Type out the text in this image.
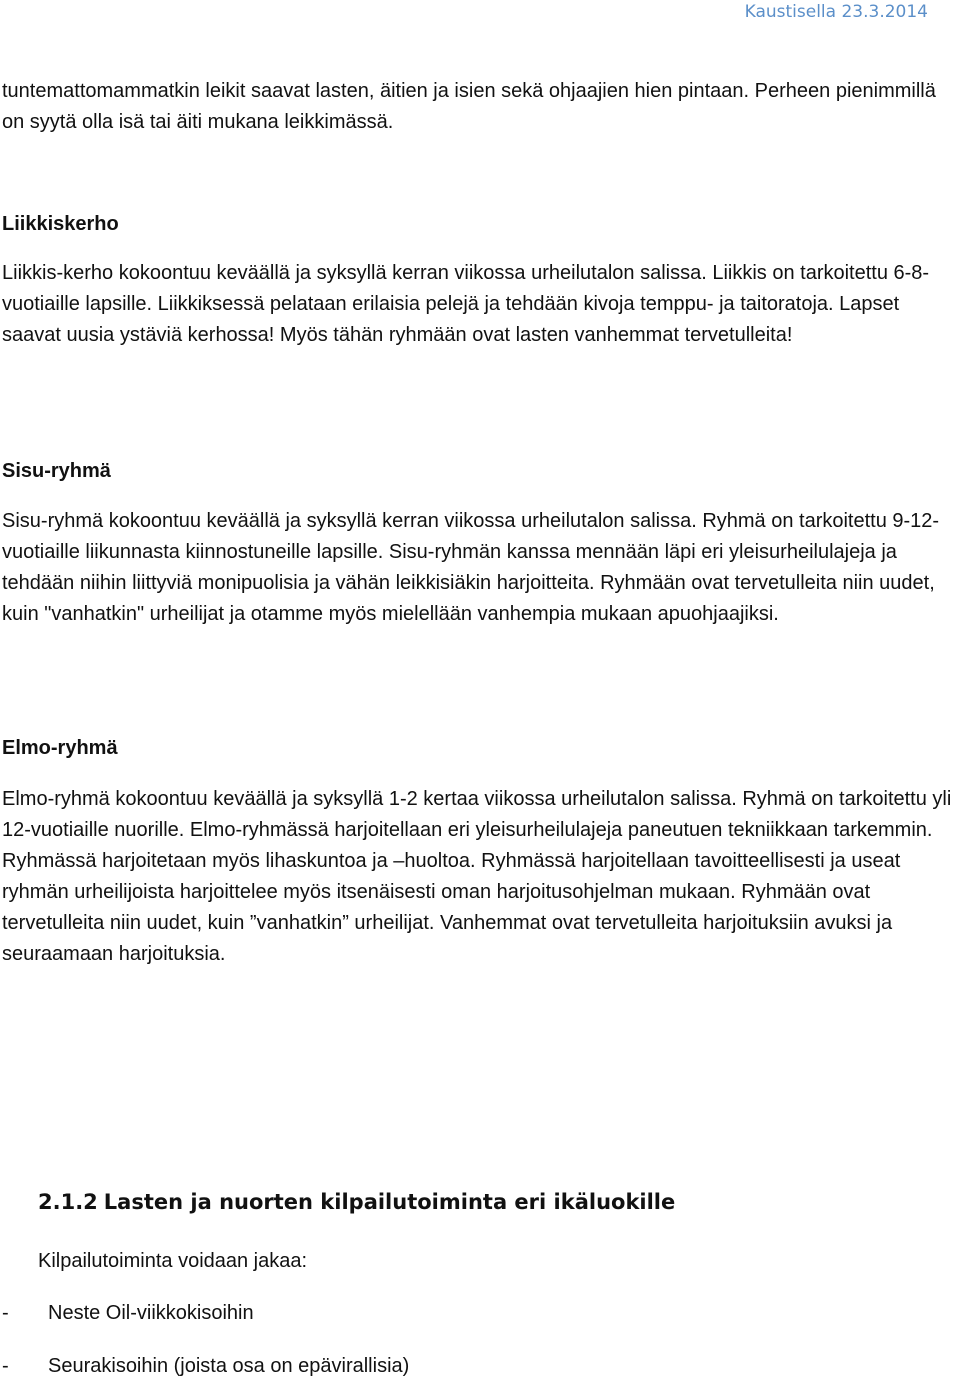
Kaustisella 23.3.2014

tuntemattomammatkin leikit saavat lasten, äitien ja isien sekä ohjaajien hien pintaan. Perheen pienimmillä on syytä olla isä tai äiti mukana leikkimässä.

Liikkiskerho

Liikkis-kerho kokoontuu keväällä ja syksyllä kerran viikossa urheilutalon salissa. Liikkis on tarkoitettu 6-8-vuotiaille lapsille. Liikkiksessä pelataan erilaisia pelejä ja tehdään kivoja temppu- ja taitoratoja. Lapset saavat uusia ystäviä kerhossa! Myös tähän ryhmään ovat lasten vanhemmat tervetulleita!

Sisu-ryhmä

Sisu-ryhmä kokoontuu keväällä ja syksyllä kerran viikossa urheilutalon salissa. Ryhmä on tarkoitettu 9-12-vuotiaille liikunnasta kiinnostuneille lapsille. Sisu-ryhmän kanssa mennään läpi eri yleisurheilulajeja ja tehdään niihin liittyviä monipuolisia ja vähän leikkisiäkin harjoitteita. Ryhmään ovat tervetulleita niin uudet, kuin "vanhatkin" urheilijat ja otamme myös mielellään vanhempia mukaan apuohjaajiksi.

Elmo-ryhmä

Elmo-ryhmä kokoontuu keväällä ja syksyllä 1-2 kertaa viikossa urheilutalon salissa. Ryhmä on tarkoitettu yli 12-vuotiaille nuorille. Elmo-ryhmässä harjoitellaan eri yleisurheilulajeja paneutuen tekniikkaan tarkemmin. Ryhmässä harjoitetaan myös lihaskuntoa ja –huoltoa. Ryhmässä harjoitellaan tavoitteellisesti ja useat ryhmän urheilijoista harjoittelee myös itsenäisesti oman harjoitusohjelman mukaan. Ryhmään ovat tervetulleita niin uudet, kuin ”vanhatkin” urheilijat. Vanhemmat ovat tervetulleita harjoituksiin avuksi ja seuraamaan harjoituksia.

2.1.2 Lasten ja nuorten kilpailutoiminta eri ikäluokille

Kilpailutoiminta voidaan jakaa:

- Neste Oil-viikkokisoihin
- Seurakisoihin (joista osa on epävirallisia)
